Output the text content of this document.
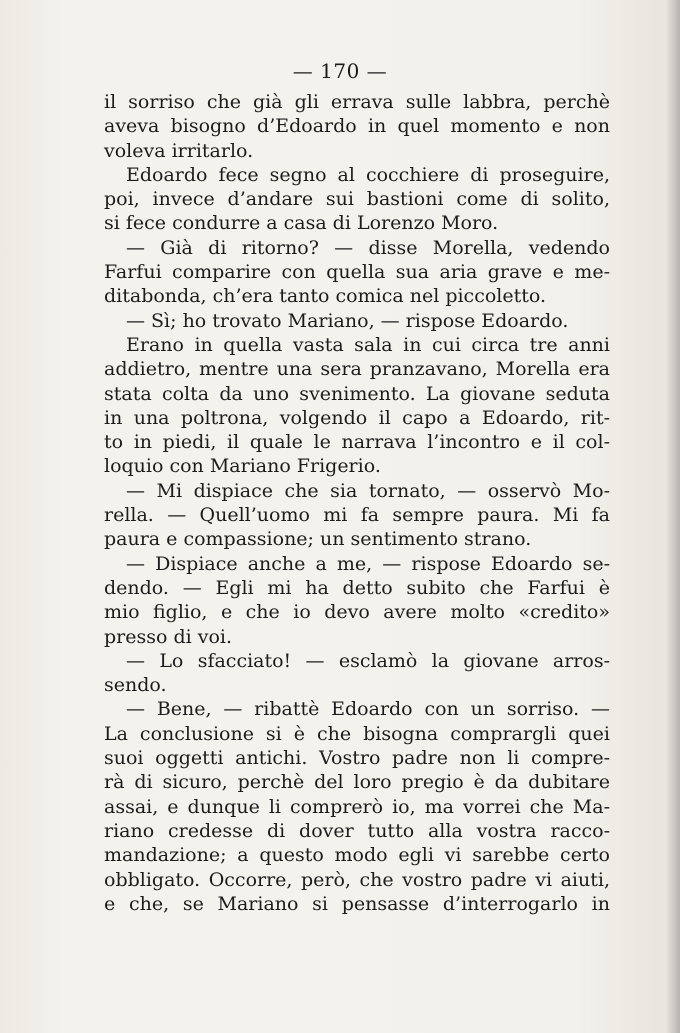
— 170 —
il sorriso che già gli errava sulle labbra, perchè
aveva bisogno d’Edoardo in quel momento e non
voleva irritarlo.
Edoardo fece segno al cocchiere di proseguire,
poi, invece d’andare sui bastioni come di solito,
si fece condurre a casa di Lorenzo Moro.
— Già di ritorno? — disse Morella, vedendo
Farfui comparire con quella sua aria grave e me-
ditabonda, ch’era tanto comica nel piccoletto.
— Sì; ho trovato Mariano, — rispose Edoardo.
Erano in quella vasta sala in cui circa tre anni
addietro, mentre una sera pranzavano, Morella era
stata colta da uno svenimento. La giovane seduta
in una poltrona, volgendo il capo a Edoardo, rit-
to in piedi, il quale le narrava l’incontro e il col-
loquio con Mariano Frigerio.
— Mi dispiace che sia tornato, — osservò Mo-
rella. — Quell’uomo mi fa sempre paura. Mi fa
paura e compassione; un sentimento strano.
— Dispiace anche a me, — rispose Edoardo se-
dendo. — Egli mi ha detto subito che Farfui è
mio figlio, e che io devo avere molto «credito»
presso di voi.
— Lo sfacciato! — esclamò la giovane arros-
sendo.
— Bene, — ribattè Edoardo con un sorriso. —
La conclusione si è che bisogna comprargli quei
suoi oggetti antichi. Vostro padre non li compre-
rà di sicuro, perchè del loro pregio è da dubitare
assai, e dunque li comprerò io, ma vorrei che Ma-
riano credesse di dover tutto alla vostra racco-
mandazione; a questo modo egli vi sarebbe certo
obbligato. Occorre, però, che vostro padre vi aiuti,
e che, se Mariano si pensasse d’interrogarlo in
